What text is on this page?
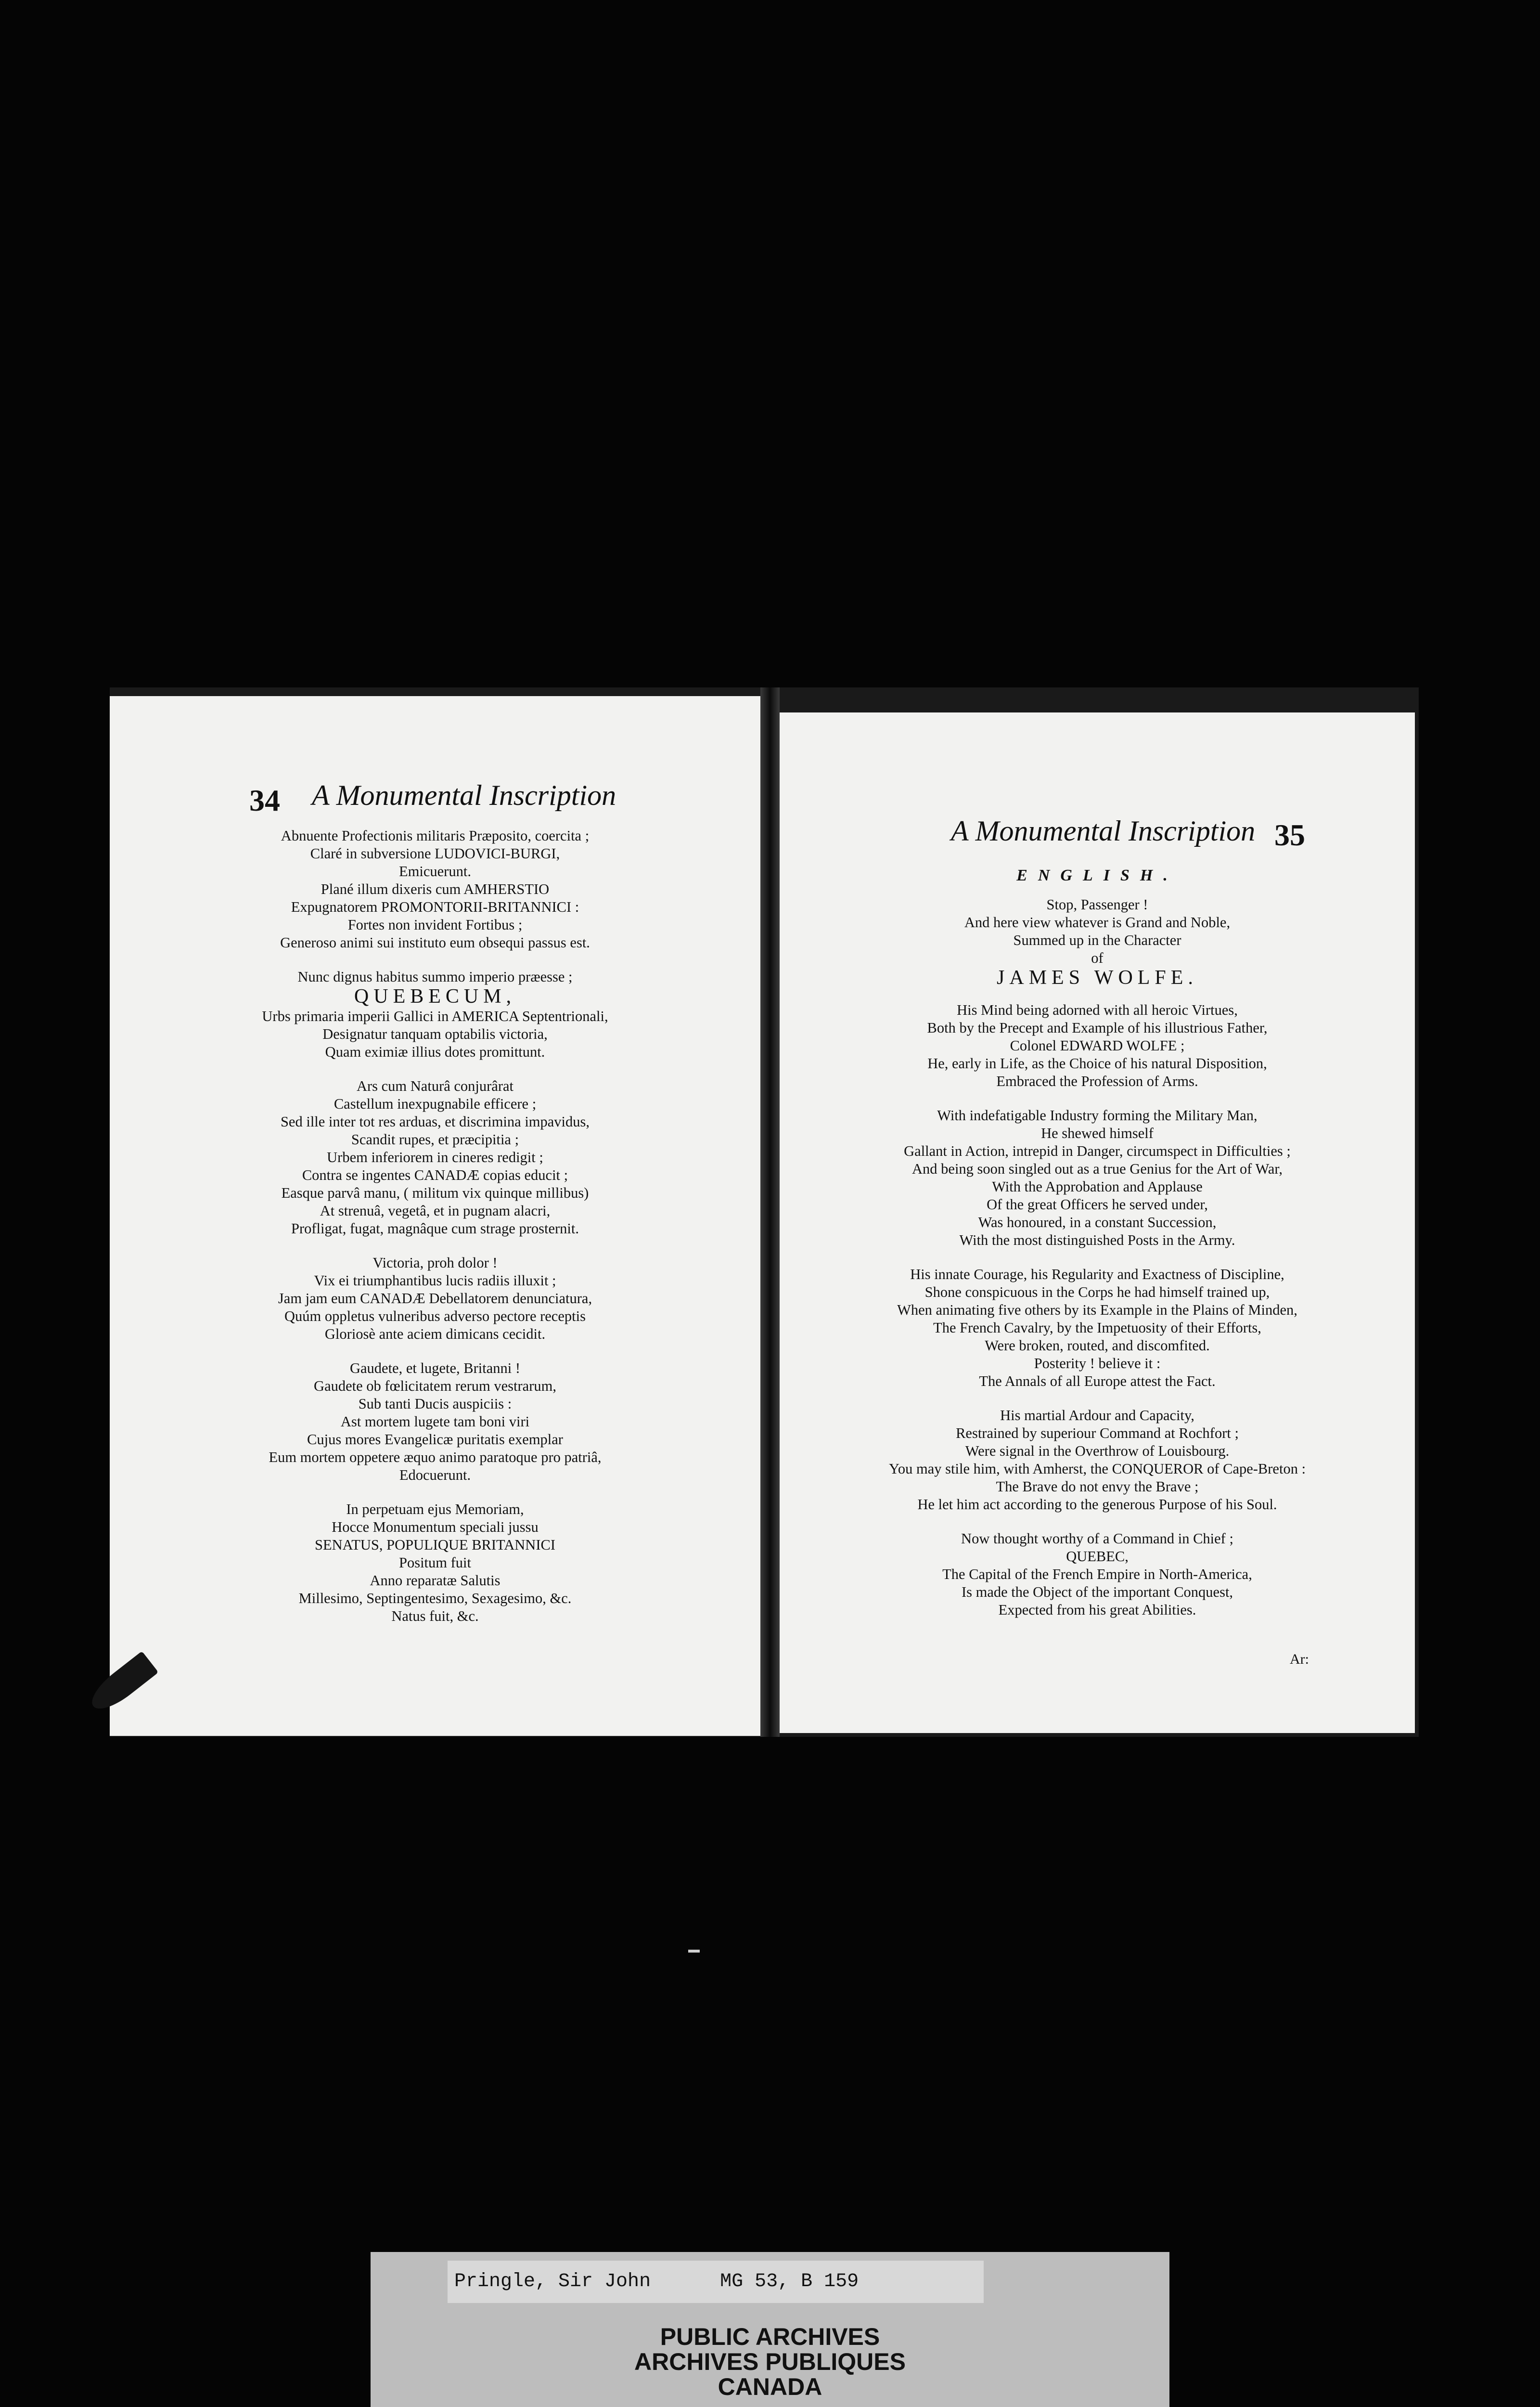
34 A Monumental Inscription
Abnuente Profectionis militaris Præposito, coercita ;
Claré in subversione LUDOVICI-BURGI,
Emicuerunt.
Plané illum dixeris cum AMHERSTIO
Expugnatorem PROMONTORII-BRITANNICI :
Fortes non invident Fortibus ;
Generoso animi sui instituto eum obsequi passus est.
Nunc dignus habitus summo imperio præesse ;
QUEBECUM,
Urbs primaria imperii Gallici in AMERICA Septentrionali,
Designatur tanquam optabilis victoria,
Quam eximiæ illius dotes promittunt.
Ars cum Naturâ conjurârat
Castellum inexpugnabile efficere ;
Sed ille inter tot res arduas, et discrimina impavidus,
Scandit rupes, et præcipitia ;
Urbem inferiorem in cineres redigit ;
Contra se ingentes CANADÆ copias educit ;
Easque parvâ manu, ( militum vix quinque millibus)
At strenuâ, vegetâ, et in pugnam alacri,
Profligat, fugat, magnâque cum strage prosternit.
Victoria, proh dolor !
Vix ei triumphantibus lucis radiis illuxit ;
Jam jam eum CANADÆ Debellatorem denunciatura,
Quúm oppletus vulneribus adverso pectore receptis
Gloriosè ante aciem dimicans cecidit.
Gaudete, et lugete, Britanni !
Gaudete ob fœlicitatem rerum vestrarum,
Sub tanti Ducis auspiciis :
Ast mortem lugete tam boni viri
Cujus mores Evangelicæ puritatis exemplar
Eum mortem oppetere æquo animo paratoque pro patriâ,
Edocuerunt.
In perpetuam ejus Memoriam,
Hocce Monumentum speciali jussu
SENATUS, POPULIQUE BRITANNICI
Positum fuit
Anno reparatæ Salutis
Millesimo, Septingentesimo, Sexagesimo, &c.
Natus fuit, &c.
A Monumental Inscription 35
ENGLISH.
Stop, Passenger !
And here view whatever is Grand and Noble,
Summed up in the Character
of
JAMES WOLFE.
His Mind being adorned with all heroic Virtues,
Both by the Precept and Example of his illustrious Father,
Colonel EDWARD WOLFE ;
He, early in Life, as the Choice of his natural Disposition,
Embraced the Profession of Arms.
With indefatigable Industry forming the Military Man,
He shewed himself
Gallant in Action, intrepid in Danger, circumspect in Difficulties ;
And being soon singled out as a true Genius for the Art of War,
With the Approbation and Applause
Of the great Officers he served under,
Was honoured, in a constant Succession,
With the most distinguished Posts in the Army.
His innate Courage, his Regularity and Exactness of Discipline,
Shone conspicuous in the Corps he had himself trained up,
When animating five others by its Example in the Plains of Minden,
The French Cavalry, by the Impetuosity of their Efforts,
Were broken, routed, and discomfited.
Posterity ! believe it :
The Annals of all Europe attest the Fact.
His martial Ardour and Capacity,
Restrained by superiour Command at Rochfort ;
Were signal in the Overthrow of Louisbourg.
You may stile him, with Amherst, the CONQUEROR of Cape-Breton :
The Brave do not envy the Brave ;
He let him act according to the generous Purpose of his Soul.
Now thought worthy of a Command in Chief ;
QUEBEC,
The Capital of the French Empire in North-America,
Is made the Object of the important Conquest,
Expected from his great Abilities.
Ar:
Pringle, Sir John	MG 53, B 159
PUBLIC ARCHIVES
ARCHIVES PUBLIQUES
CANADA
